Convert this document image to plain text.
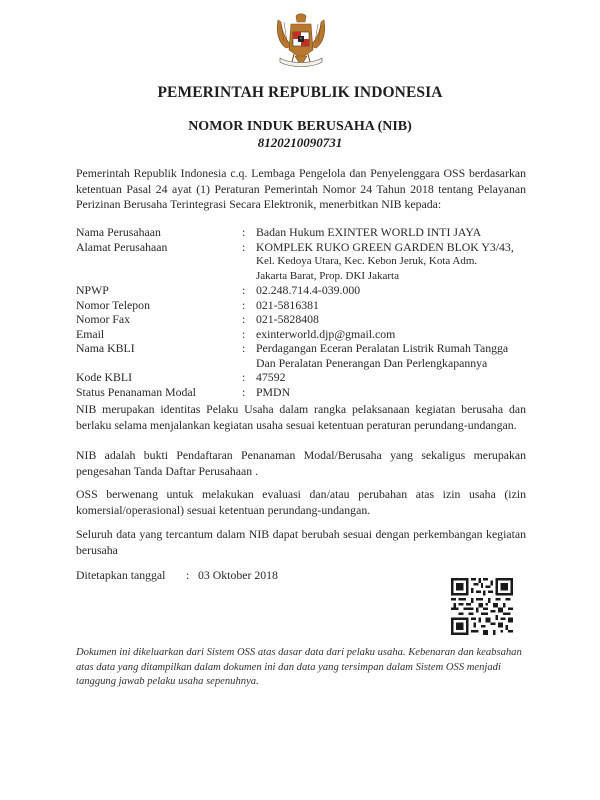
PEMERINTAH REPUBLIK INDONESIA
NOMOR INDUK BERUSAHA (NIB)
8120210090731
Pemerintah Republik Indonesia c.q. Lembaga Pengelola dan Penyelenggara OSS berdasarkan ketentuan Pasal 24 ayat (1) Peraturan Pemerintah Nomor 24 Tahun 2018 tentang Pelayanan Perizinan Berusaha Terintegrasi Secara Elektronik, menerbitkan NIB kepada:
Nama Perusahaan	: Badan Hukum EXINTER WORLD INTI JAYA
Alamat Perusahaan	: KOMPLEK RUKO GREEN GARDEN BLOK Y3/43,
Kel. Kedoya Utara, Kec. Kebon Jeruk, Kota Adm.
Jakarta Barat, Prop. DKI Jakarta
NPWP	: 02.248.714.4-039.000
Nomor Telepon	: 021-5816381
Nomor Fax	: 021-5828408
Email	: exinterworld.djp@gmail.com
Nama KBLI	: Perdagangan Eceran Peralatan Listrik Rumah Tangga
Dan Peralatan Penerangan Dan Perlengkapannya
Kode KBLI	: 47592
Status Penanaman Modal	: PMDN
NIB merupakan identitas Pelaku Usaha dalam rangka pelaksanaan kegiatan berusaha dan berlaku selama menjalankan kegiatan usaha sesuai ketentuan peraturan perundang-undangan.
NIB adalah bukti Pendaftaran Penanaman Modal/Berusaha yang sekaligus merupakan pengesahan Tanda Daftar Perusahaan .
OSS berwenang untuk melakukan evaluasi dan/atau perubahan atas izin usaha (izin komersial/operasional) sesuai ketentuan perundang-undangan.
Seluruh data yang tercantum dalam NIB dapat berubah sesuai dengan perkembangan kegiatan berusaha
Ditetapkan tanggal	: 03 Oktober 2018
Dokumen ini dikeluarkan dari Sistem OSS atas dasar data dari pelaku usaha. Kebenaran dan keabsahan atas data yang ditampilkan dalam dokumen ini dan data yang tersimpan dalam Sistem OSS menjadi tanggung jawab pelaku usaha sepenuhnya.
